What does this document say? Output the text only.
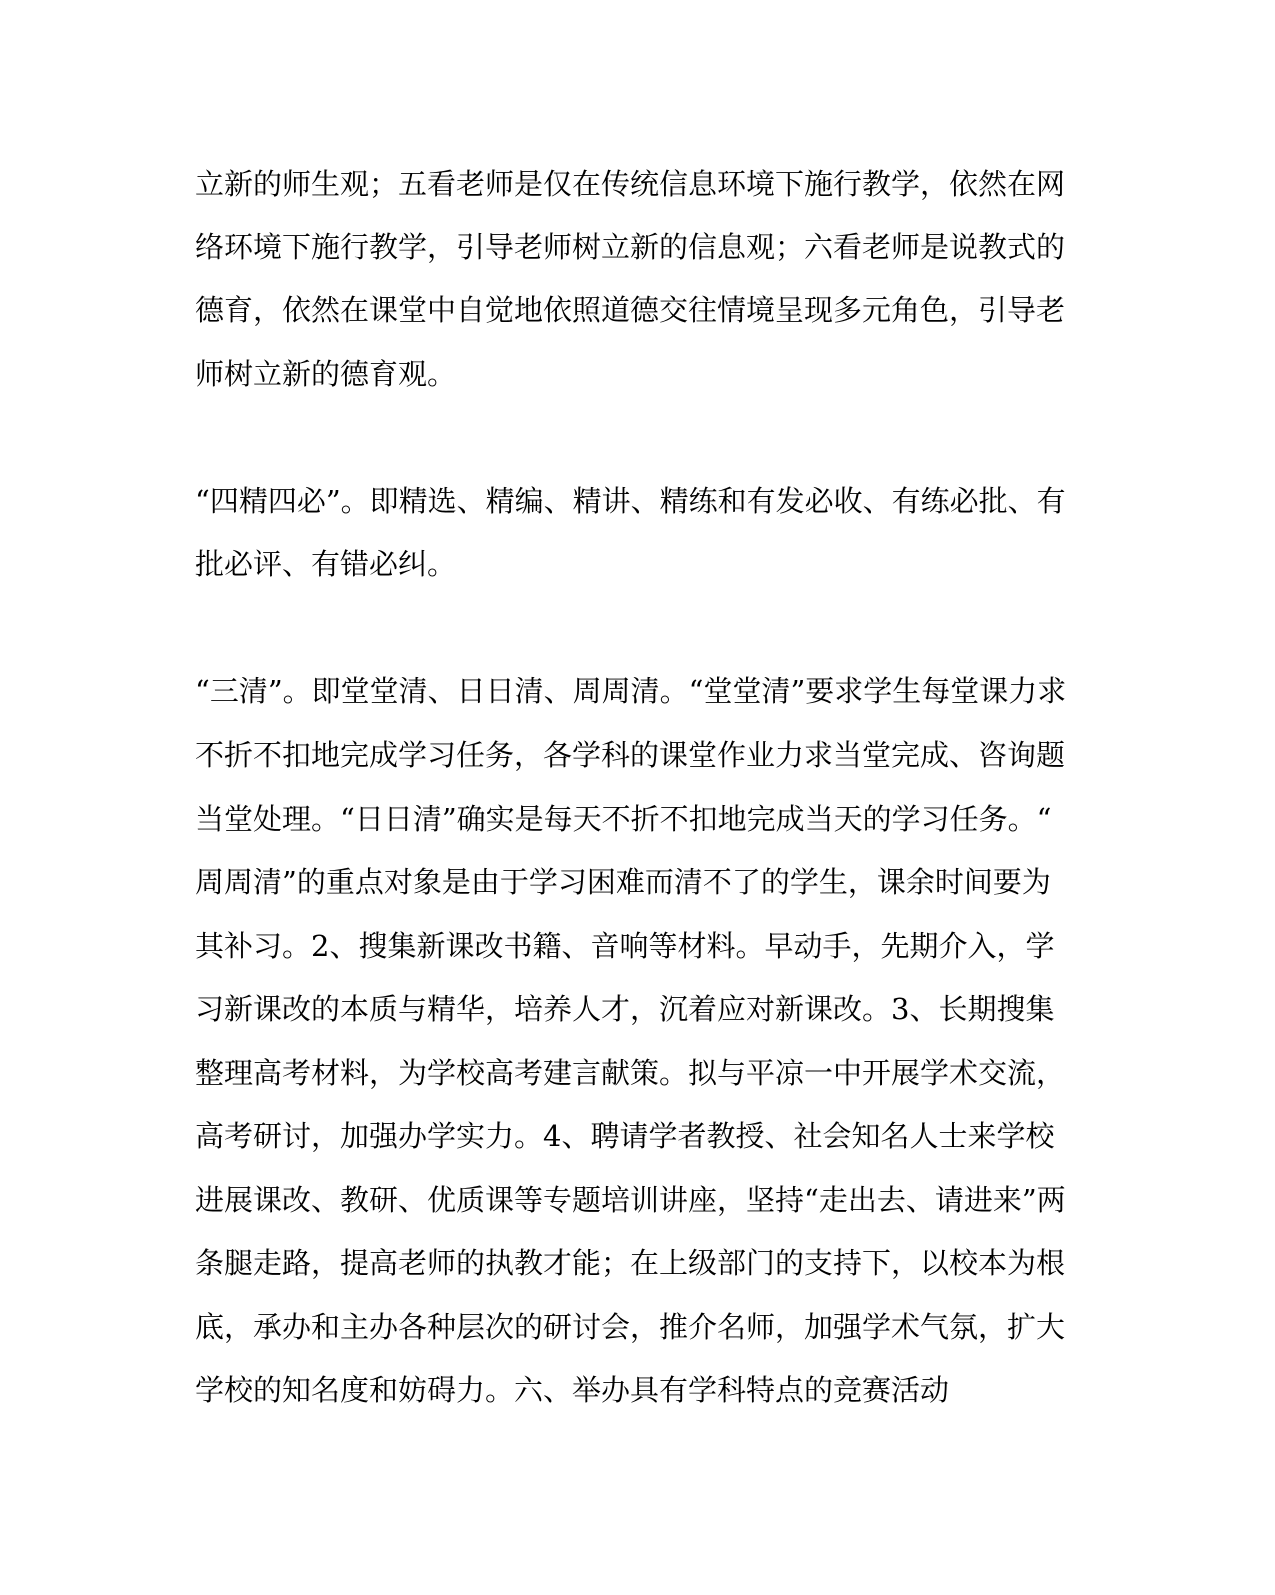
立新的师生观；五看老师是仅在传统信息环境下施行教学，依然在网
络环境下施行教学，引导老师树立新的信息观；六看老师是说教式的
德育，依然在课堂中自觉地依照道德交往情境呈现多元角色，引导老
师树立新的德育观。
“四精四必”。即精选、精编、精讲、精练和有发必收、有练必批、有
批必评、有错必纠。
“三清”。即堂堂清、日日清、周周清。“堂堂清”要求学生每堂课力求
不折不扣地完成学习任务，各学科的课堂作业力求当堂完成、咨询题
当堂处理。“日日清”确实是每天不折不扣地完成当天的学习任务。“
周周清”的重点对象是由于学习困难而清不了的学生，课余时间要为
其补习。2、搜集新课改书籍、音响等材料。早动手，先期介入，学
习新课改的本质与精华，培养人才，沉着应对新课改。3、长期搜集
整理高考材料，为学校高考建言献策。拟与平凉一中开展学术交流，
高考研讨，加强办学实力。4、聘请学者教授、社会知名人士来学校
进展课改、教研、优质课等专题培训讲座，坚持“走出去、请进来”两
条腿走路，提高老师的执教才能；在上级部门的支持下，以校本为根
底，承办和主办各种层次的研讨会，推介名师，加强学术气氛，扩大
学校的知名度和妨碍力。六、举办具有学科特点的竞赛活动
